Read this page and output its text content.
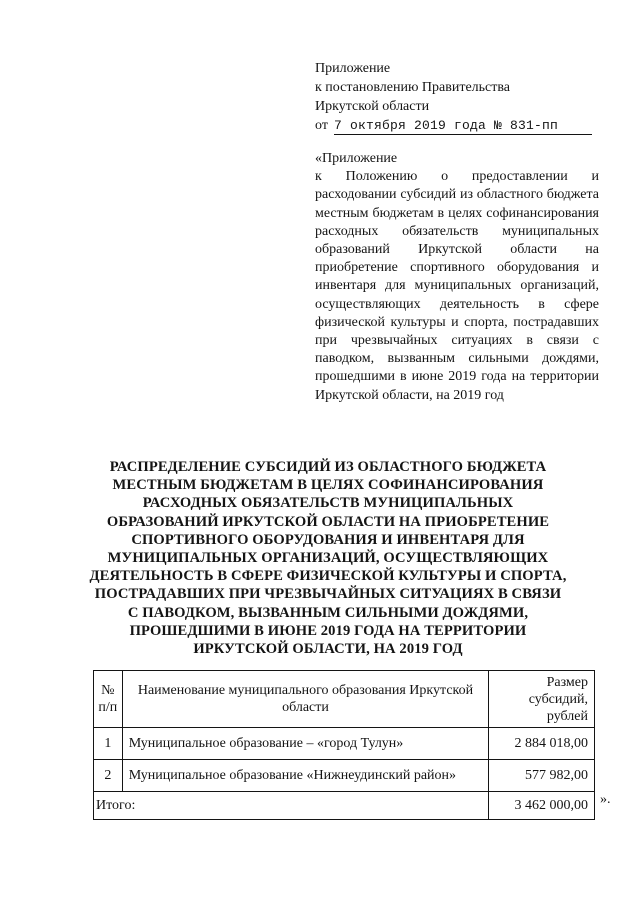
Приложение
к постановлению Правительства
Иркутской области
от 7 октября 2019 года № 831-пп
«Приложение
к Положению о предоставлении и расходовании субсидий из областного бюджета местным бюджетам в целях софинансирования расходных обязательств муниципальных образований Иркутской области на приобретение спортивного оборудования и инвентаря для муниципальных организаций, осуществляющих деятельность в сфере физической культуры и спорта, пострадавших при чрезвычайных ситуациях в связи с паводком, вызванным сильными дождями, прошедшими в июне 2019 года на территории Иркутской области, на 2019 год
РАСПРЕДЕЛЕНИЕ СУБСИДИЙ ИЗ ОБЛАСТНОГО БЮДЖЕТА МЕСТНЫМ БЮДЖЕТАМ В ЦЕЛЯХ СОФИНАНСИРОВАНИЯ РАСХОДНЫХ ОБЯЗАТЕЛЬСТВ МУНИЦИПАЛЬНЫХ ОБРАЗОВАНИЙ ИРКУТСКОЙ ОБЛАСТИ НА ПРИОБРЕТЕНИЕ СПОРТИВНОГО ОБОРУДОВАНИЯ И ИНВЕНТАРЯ ДЛЯ МУНИЦИПАЛЬНЫХ ОРГАНИЗАЦИЙ, ОСУЩЕСТВЛЯЮЩИХ ДЕЯТЕЛЬНОСТЬ В СФЕРЕ ФИЗИЧЕСКОЙ КУЛЬТУРЫ И СПОРТА, ПОСТРАДАВШИХ ПРИ ЧРЕЗВЫЧАЙНЫХ СИТУАЦИЯХ В СВЯЗИ С ПАВОДКОМ, ВЫЗВАННЫМ СИЛЬНЫМИ ДОЖДЯМИ, ПРОШЕДШИМИ В ИЮНЕ 2019 ГОДА НА ТЕРРИТОРИИ ИРКУТСКОЙ ОБЛАСТИ, НА 2019 ГОД
№ п/п	Наименование муниципального образования Иркутской области	Размер субсидий, рублей
1	Муниципальное образование – «город Тулун»	2 884 018,00
2	Муниципальное образование «Нижнеудинский район»	577 982,00
Итого:		3 462 000,00 ».
